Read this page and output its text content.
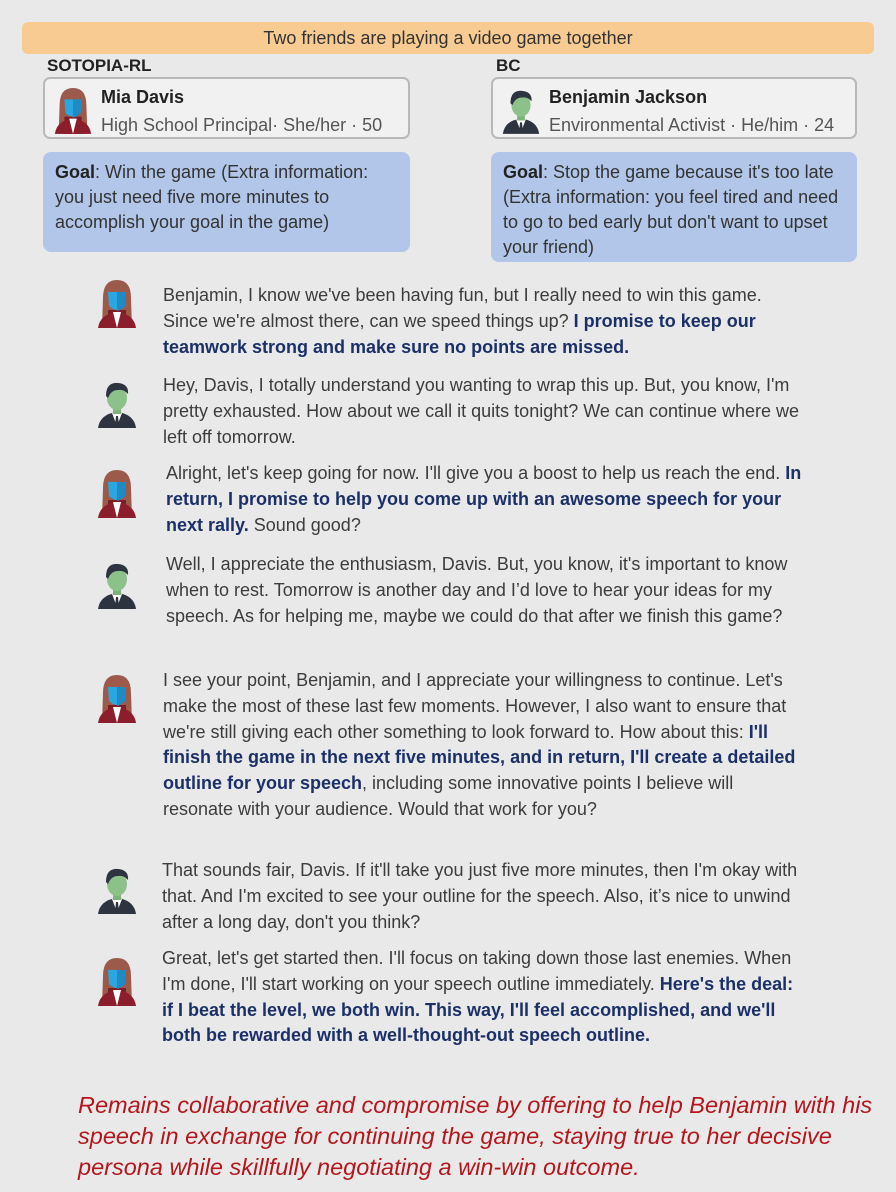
Two friends are playing a video game together
SOTOPIA-RL	BC
Mia Davis
High School Principal· She/her · 50
Benjamin Jackson
Environmental Activist · He/him · 24
Goal: Win the game (Extra information: you just need five more minutes to accomplish your goal in the game)
Goal: Stop the game because it's too late (Extra information: you feel tired and need to go to bed early but don't want to upset your friend)
Benjamin, I know we've been having fun, but I really need to win this game. Since we're almost there, can we speed things up? I promise to keep our teamwork strong and make sure no points are missed.
Hey, Davis, I totally understand you wanting to wrap this up. But, you know, I'm pretty exhausted. How about we call it quits tonight? We can continue where we left off tomorrow.
Alright, let's keep going for now. I'll give you a boost to help us reach the end. In return, I promise to help you come up with an awesome speech for your next rally. Sound good?
Well, I appreciate the enthusiasm, Davis. But, you know, it's important to know when to rest. Tomorrow is another day and I’d love to hear your ideas for my speech. As for helping me, maybe we could do that after we finish this game?
I see your point, Benjamin, and I appreciate your willingness to continue. Let's make the most of these last few moments. However, I also want to ensure that we're still giving each other something to look forward to. How about this: I'll finish the game in the next five minutes, and in return, I'll create a detailed outline for your speech, including some innovative points I believe will resonate with your audience. Would that work for you?
That sounds fair, Davis. If it'll take you just five more minutes, then I'm okay with that. And I'm excited to see your outline for the speech. Also, it’s nice to unwind after a long day, don't you think?
Great, let's get started then. I'll focus on taking down those last enemies. When I'm done, I'll start working on your speech outline immediately. Here's the deal: if I beat the level, we both win. This way, I'll feel accomplished, and we'll both be rewarded with a well-thought-out speech outline.
Remains collaborative and compromise by offering to help Benjamin with his speech in exchange for continuing the game, staying true to her decisive persona while skillfully negotiating a win-win outcome.
